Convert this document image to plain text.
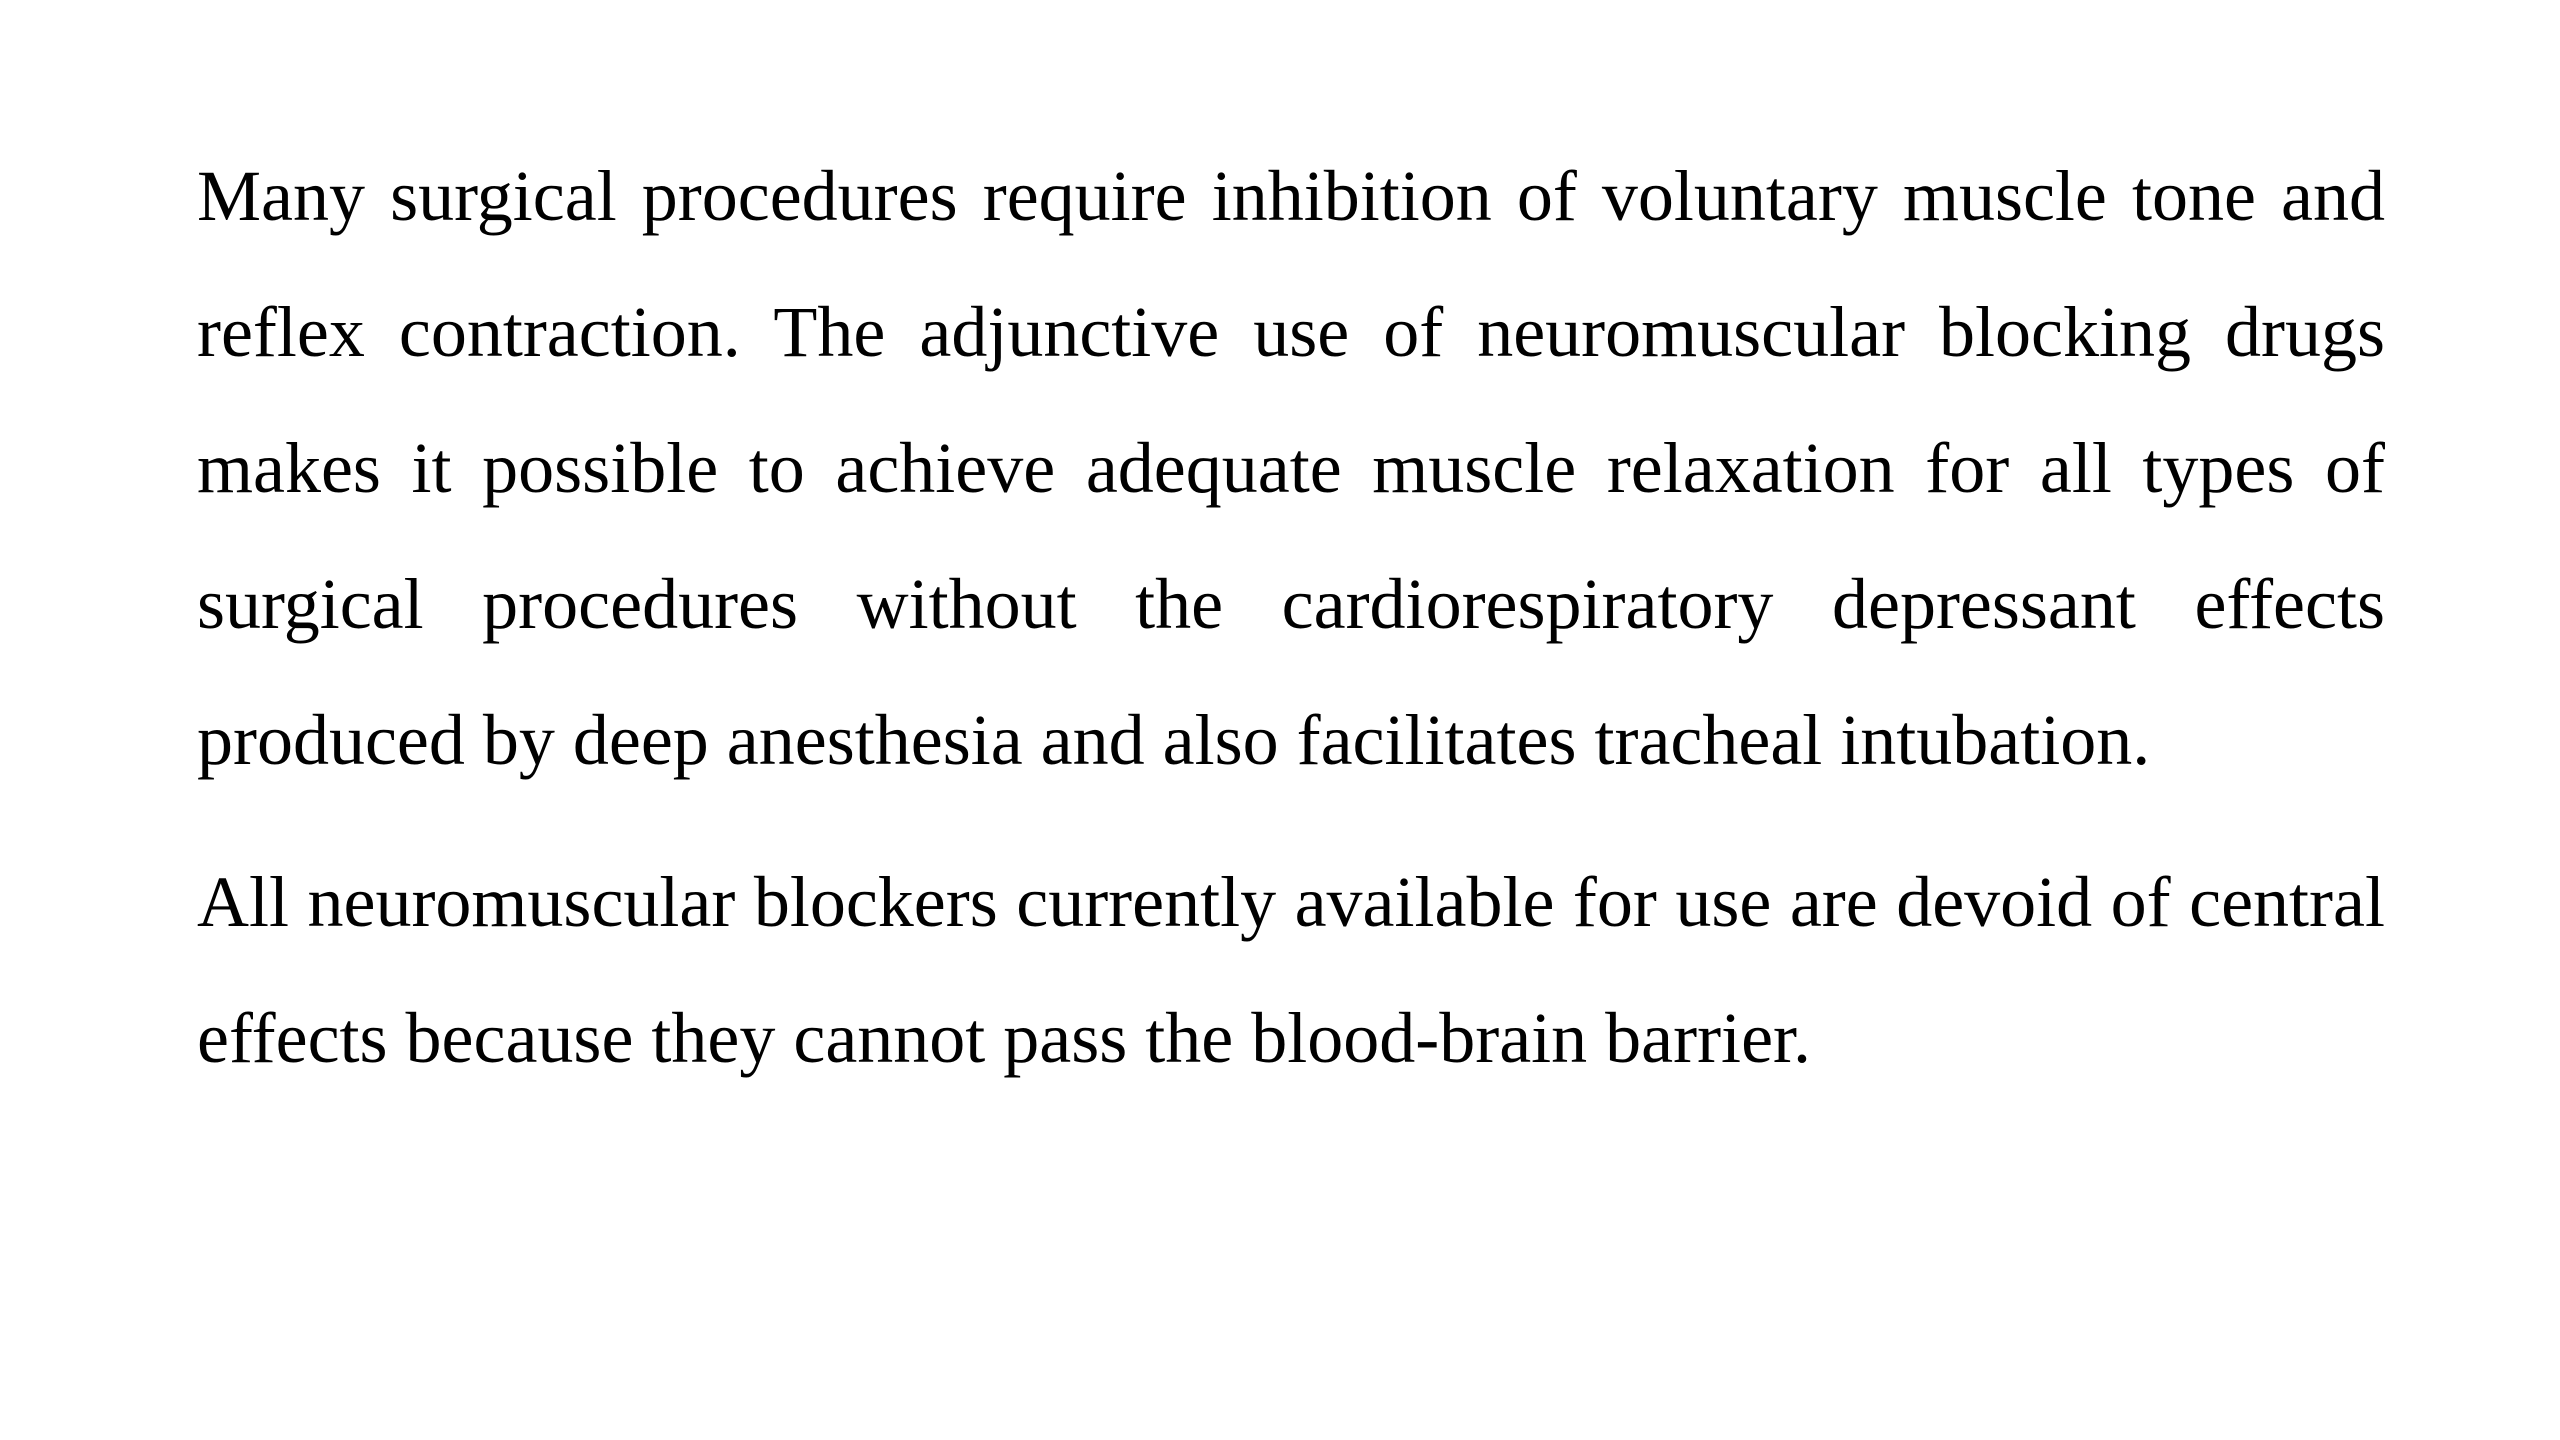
Many surgical procedures require inhibition of voluntary muscle tone and reflex contraction. The adjunctive use of neuromuscular blocking drugs makes it possible to achieve adequate muscle relaxation for all types of surgical procedures without the cardiorespiratory depressant effects produced by deep anesthesia and also facilitates tracheal intubation.

All neuromuscular blockers currently available for use are devoid of central effects because they cannot pass the blood-brain barrier.
